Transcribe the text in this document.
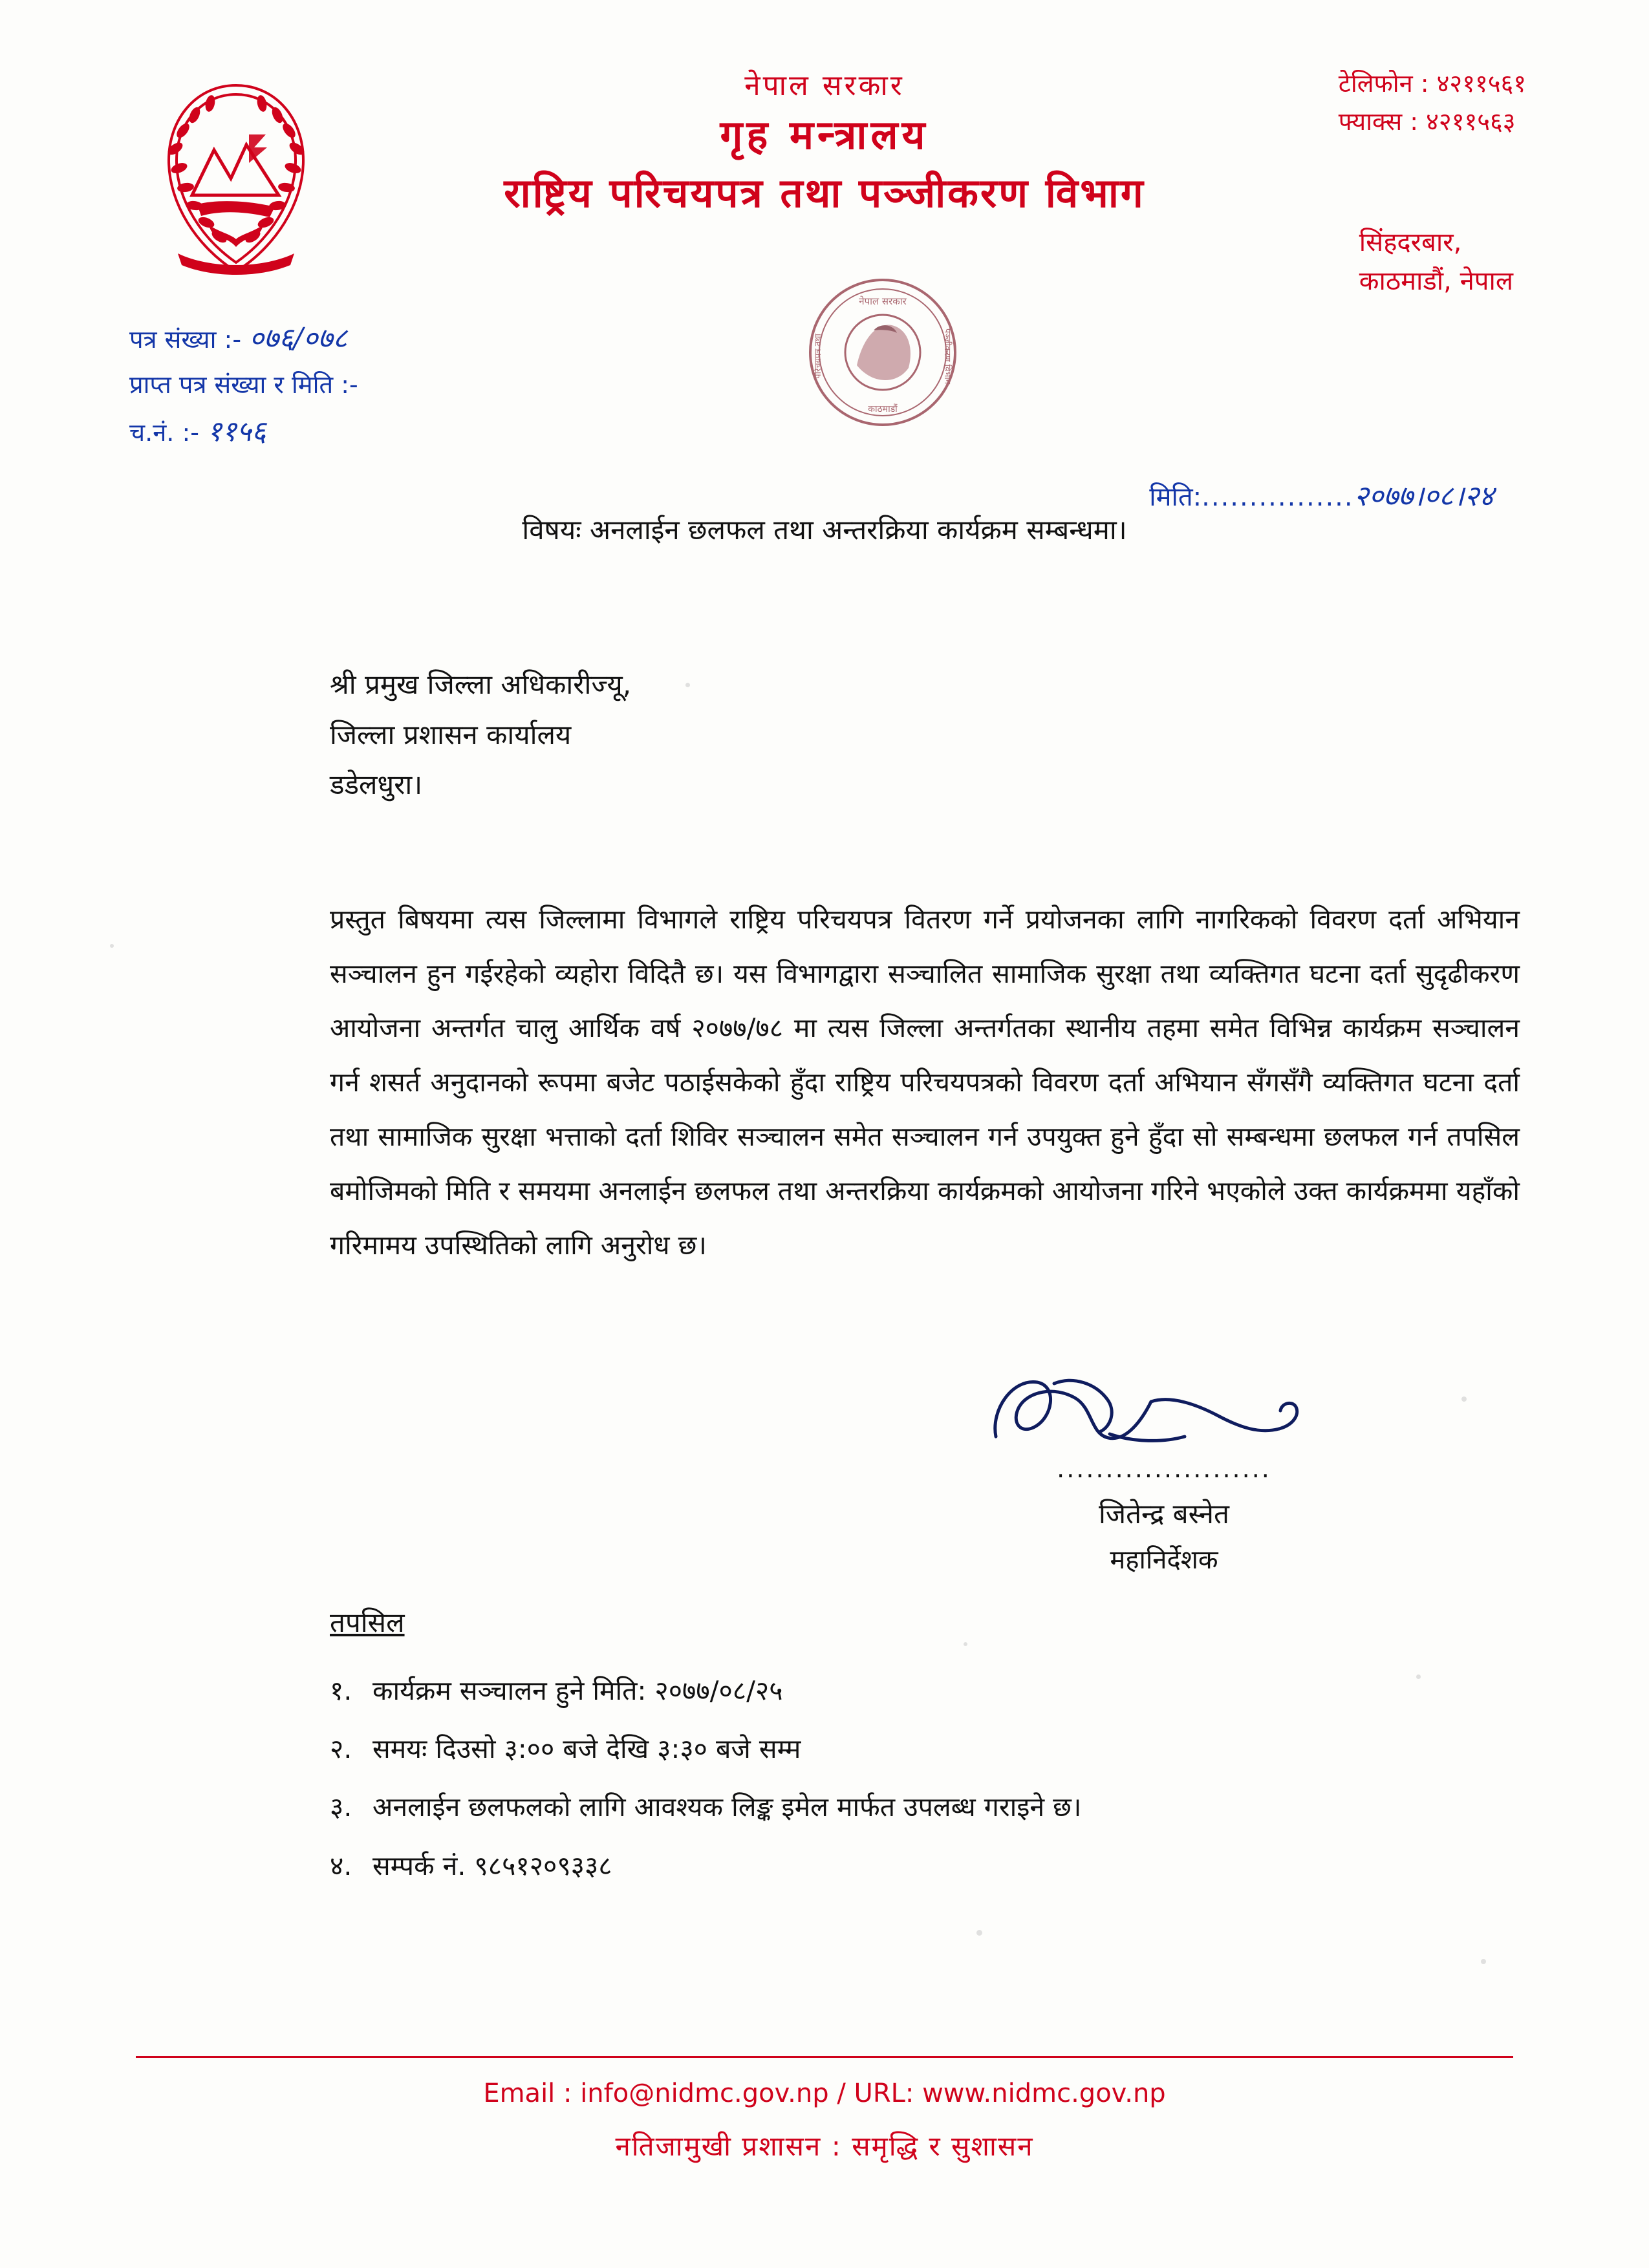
नेपाल सरकार
गृह मन्त्रालय
राष्ट्रिय परिचयपत्र तथा पञ्जीकरण विभाग
टेलिफोन : ४२११५६१
फ्याक्स : ४२११५६३
सिंहदरबार,
काठमाडौं, नेपाल
पत्र संख्या :- ०७६/०७८
प्राप्त पत्र संख्या र मिति :-
च.नं. :- ११५६
नेपाल सरकार
काठमाडौं
परिचयपत्र तथा	पञ्जीकरण विभाग
मिति:................२०७७।०८।२४
विषयः अनलाईन छलफल तथा अन्तरक्रिया कार्यक्रम सम्बन्धमा।
श्री प्रमुख जिल्ला अधिकारीज्यू,
जिल्ला प्रशासन कार्यालय
डडेलधुरा।
प्रस्तुत बिषयमा त्यस जिल्लामा विभागले राष्ट्रिय परिचयपत्र वितरण गर्ने प्रयोजनका लागि नागरिकको विवरण दर्ता अभियान सञ्चालन हुन गईरहेको व्यहोरा विदितै छ। यस विभागद्वारा सञ्चालित सामाजिक सुरक्षा तथा व्यक्तिगत घटना दर्ता सुदृढीकरण आयोजना अन्तर्गत चालु आर्थिक वर्ष २०७७/७८ मा त्यस जिल्ला अन्तर्गतका स्थानीय तहमा समेत विभिन्न कार्यक्रम सञ्चालन गर्न शसर्त अनुदानको रूपमा बजेट पठाईसकेको हुँदा राष्ट्रिय परिचयपत्रको विवरण दर्ता अभियान सँगसँगै व्यक्तिगत घटना दर्ता तथा सामाजिक सुरक्षा भत्ताको दर्ता शिविर सञ्चालन समेत सञ्चालन गर्न उपयुक्त हुने हुँदा सो सम्बन्धमा छलफल गर्न तपसिल बमोजिमको मिति र समयमा अनलाईन छलफल तथा अन्तरक्रिया कार्यक्रमको आयोजना गरिने भएकोले उक्त कार्यक्रममा यहाँको गरिमामय उपस्थितिको लागि अनुरोध छ।
......................
जितेन्द्र बस्नेत
महानिर्देशक
तपसिल
१. कार्यक्रम सञ्चालन हुने मिति: २०७७/०८/२५
२. समयः दिउसो ३:०० बजे देखि ३:३० बजे सम्म
३. अनलाईन छलफलको लागि आवश्यक लिङ्क इमेल मार्फत उपलब्ध गराइने छ।
४. सम्पर्क नं. ९८५१२०९३३८
Email : info@nidmc.gov.np / URL: www.nidmc.gov.np
नतिजामुखी प्रशासन : समृद्धि र सुशासन
